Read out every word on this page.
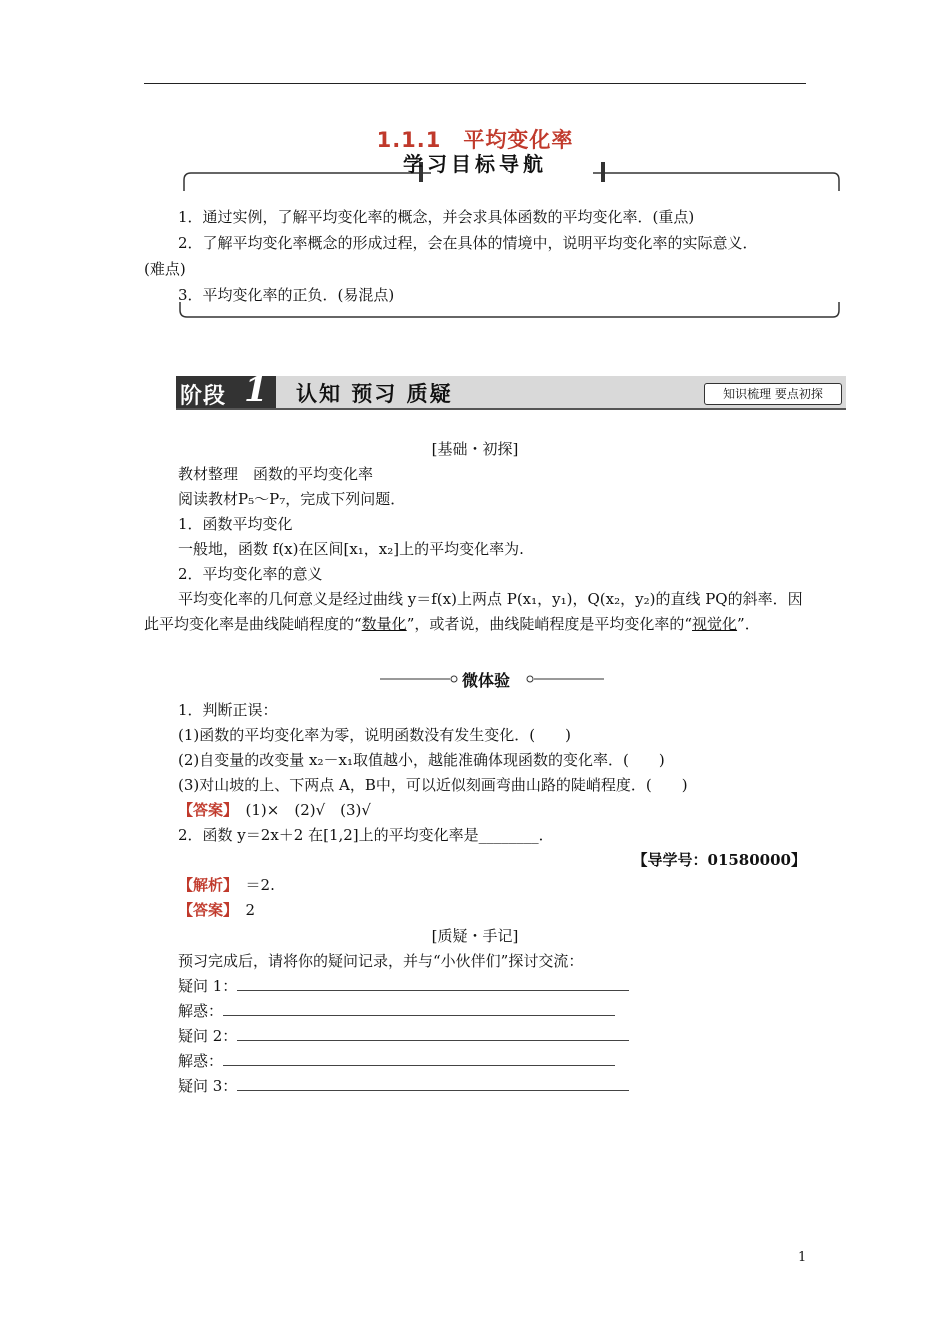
1.1.1　平均变化率
学习目标导航
1．通过实例，了解平均变化率的概念，并会求具体函数的平均变化率．(重点)
2．了解平均变化率概念的形成过程，会在具体的情境中，说明平均变化率的实际意义．
(难点)
3．平均变化率的正负．(易混点)
阶段 1 认知 预习 质疑	知识梳理 要点初探
[基础・初探]
教材整理　函数的平均变化率
阅读教材P₅～P₇，完成下列问题．
1．函数平均变化
一般地，函数 f(x)在区间[x₁，x₂]上的平均变化率为.
2．平均变化率的意义
平均变化率的几何意义是经过曲线 y＝f(x)上两点 P(x₁，y₁)，Q(x₂，y₂)的直线 PQ的斜率．因此平均变化率是曲线陡峭程度的“数量化”，或者说，曲线陡峭程度是平均变化率的“视觉化”．
微体验
1．判断正误：
(1)函数的平均变化率为零，说明函数没有发生变化．(　　)
(2)自变量的改变量 x₂－x₁取值越小，越能准确体现函数的变化率．(　　)
(3)对山坡的上、下两点 A，B中，可以近似刻画弯曲山路的陡峭程度．(　　)
【答案】　 (1)×　(2)√　(3)√
2．函数 y＝2x＋2 在[1,2]上的平均变化率是________．
【导学号：01580000】
【解析】　 ＝2.
【答案】　 2
[质疑・手记]
预习完成后，请将你的疑问记录，并与“小伙伴们”探讨交流：
疑问 1：
解惑：
疑问 2：
解惑：
疑问 3：
1
